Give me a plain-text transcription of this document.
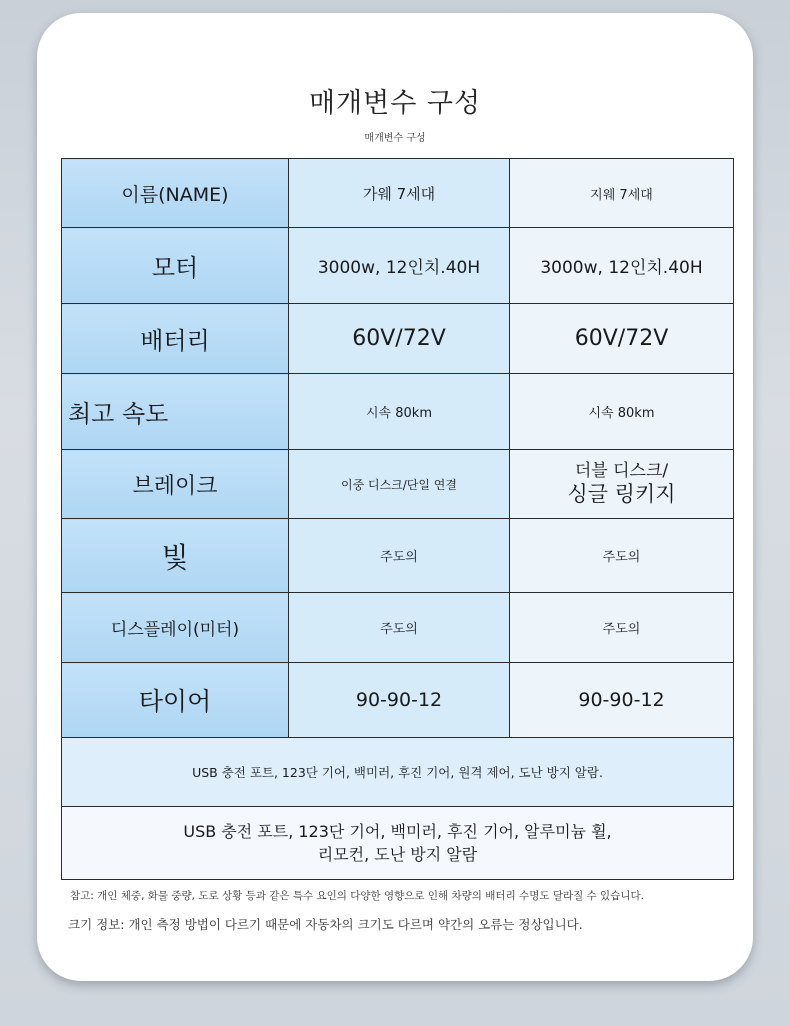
매개변수 구성
매개변수 구성
이름(NAME)	가웨 7세대	지웨 7세대
모터	3000w, 12인치.40H	3000w, 12인치.40H
배터리	60V/72V	60V/72V
최고 속도	시속 80km	시속 80km
브레이크	이중 디스크/단일 연결	더블 디스크/
싱글 링키지

빛	주도의	주도의
디스플레이(미터)	주도의	주도의
타이어	90-90-12	90-90-12
USB 충전 포트, 123단 기어, 백미러, 후진 기어, 원격 제어, 도난 방지 알람.		

USB 충전 포트, 123단 기어, 백미러, 후진 기어, 알루미늄 휠,
리모컨, 도난 방지 알람		
참고: 개인 체중, 화물 중량, 도로 상황 등과 같은 특수 요인의 다양한 영향으로 인해 차량의 배터리 수명도 달라질 수 있습니다.
크기 정보: 개인 측정 방법이 다르기 때문에 자동차의 크기도 다르며 약간의 오류는 정상입니다.
